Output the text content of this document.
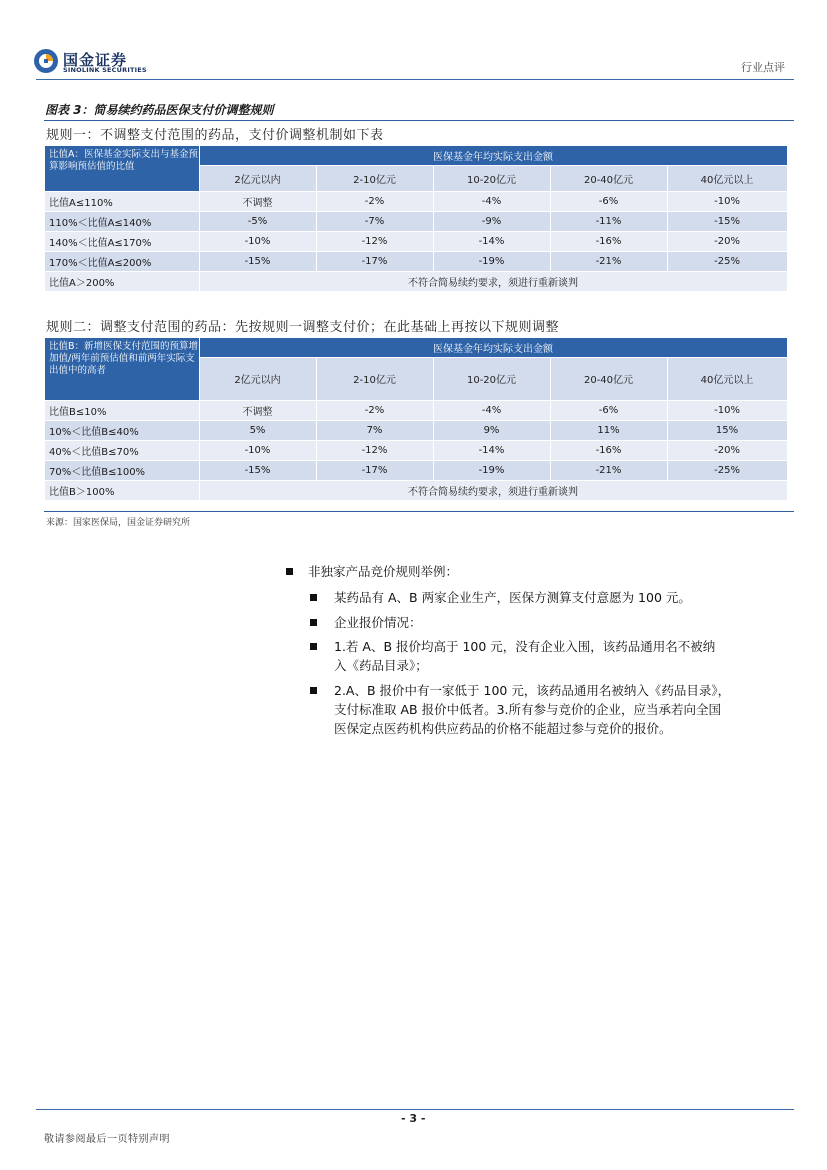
国金证券
SINOLINK SECURITIES	行业点评
图表 3：简易续约药品医保支付价调整规则
规则一：不调整支付范围的药品，支付价调整机制如下表
比值A：医保基金实际支出与基金预算影响预估值的比值	医保基金年均实际支出金额				
	2亿元以内	2-10亿元	10-20亿元	20-40亿元	40亿元以上
比值A≤110%	不调整	-2%	-4%	-6%	-10%
110%＜比值A≤140%	-5%	-7%	-9%	-11%	-15%
140%＜比值A≤170%	-10%	-12%	-14%	-16%	-20%
170%＜比值A≤200%	-15%	-17%	-19%	-21%	-25%
比值A＞200%	不符合简易续约要求，须进行重新谈判				
规则二：调整支付范围的药品：先按规则一调整支付价；在此基础上再按以下规则调整
比值B：新增医保支付范围的预算增加值/两年前预估值和前两年实际支出值中的高者	医保基金年均实际支出金额				
	2亿元以内	2-10亿元	10-20亿元	20-40亿元	40亿元以上
比值B≤10%	不调整	-2%	-4%	-6%	-10%
10%＜比值B≤40%	5%	7%	9%	11%	15%
40%＜比值B≤70%	-10%	-12%	-14%	-16%	-20%
70%＜比值B≤100%	-15%	-17%	-19%	-21%	-25%
比值B＞100%	不符合简易续约要求，须进行重新谈判				
来源：国家医保局，国金证券研究所
非独家产品竞价规则举例：
某药品有 A、B 两家企业生产，医保方测算支付意愿为 100 元。
企业报价情况：
1.若 A、B 报价均高于 100 元，没有企业入围，该药品通用名不被纳
入《药品目录》；
2.A、B 报价中有一家低于 100 元，该药品通用名被纳入《药品目录》，
支付标准取 AB 报价中低者。3.所有参与竞价的企业，应当承若向全国
医保定点医药机构供应药品的价格不能超过参与竞价的报价。
- 3 -
敬请参阅最后一页特别声明
